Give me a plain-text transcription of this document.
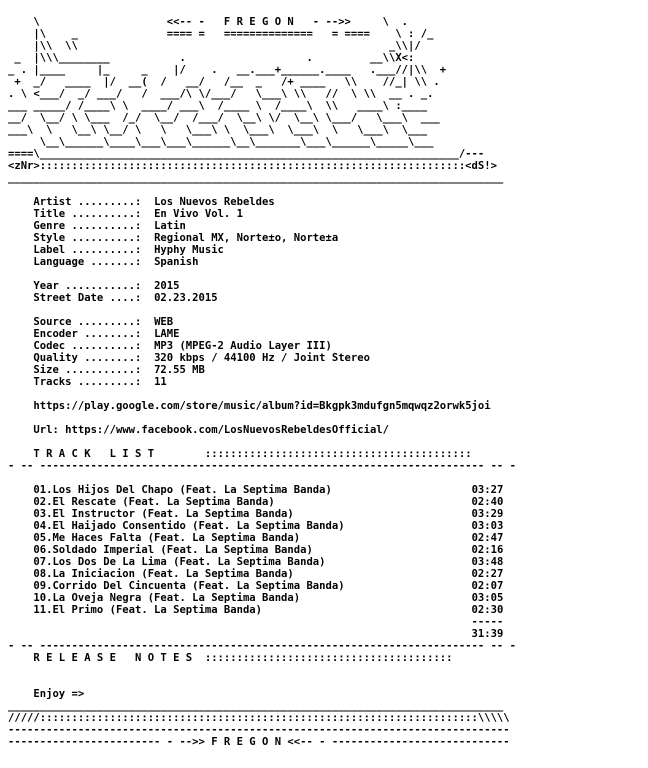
\                    <<-- -   F R E G O N   - -->>     \  .
|\    _              ==== =   ==============   = ====    \ : /_
|\\  \\                                                 _\\|/
_  |\\\________           .                   .         __\\X<:
_ . |____     |_     _    |/    .   __.___+______.____   .___//|\\  +
+  _/   ____  |/  __(  /   __/   /__  _   /+ ____   \\    //_| \\ .
. \ <___/  _/ ___/   /  ___/\ \/___/   \___\ \\   //  \ \\  __ . _.
___ _____/ /____\ \  ____/ ___\  /____ \  /____\  \\   ____\ :____
__/  \__/ \ \___  /_/  \__/  /___/  \__\ \/  \__\ \___/   \___\  ___
___\  \   \__\ \__/ \   \   \___\ \  \___\  \___\  \   \___\  \___
\__\______\____\___\___\______\__\_______\___\______\_____\___
====\__________________________________________________________________/---
<zNr>:::::::::::::::::::::::::::::::::::::::::::::::::::::::::::::::::::<dS!>
______________________________________________________________________________

Artist .........: Los Nuevos Rebeldes
Title ..........: En Vivo Vol. 1
Genre ..........: Latin
Style ..........: Regional MX, Norte±o, Norte±a
Label ..........: Hyphy Music
Language .......: Spanish

Year ...........: 2015
Street Date ....: 02.23.2015

Source .........: WEB
Encoder ........: LAME
Codec ..........: MP3 (MPEG-2 Audio Layer III)
Quality ........: 320 kbps / 44100 Hz / Joint Stereo
Size ...........: 72.55 MB
Tracks .........: 11

https://play.google.com/store/music/album?id=Bkgpk3mdufgn5mqwqz2orwk5joi

Url: https://www.facebook.com/LosNuevosRebeldesOfficial/

T R A C K   L I S T	::::::::::::::::::::::::::::::::::::::::::
- -- ---------------------------------------------------------------------- -- -

01.Los Hijos Del Chapo (Feat. La Septima Banda)	03:27
02.El Rescate (Feat. La Septima Banda)	02:40
03.El Instructor (Feat. La Septima Banda)	03:29
04.El Haijado Consentido (Feat. La Septima Banda)	03:03
05.Me Haces Falta (Feat. La Septima Banda)	02:47
06.Soldado Imperial (Feat. La Septima Banda)	02:16
07.Los Dos De La Lima (Feat. La Septima Banda)	03:48
08.La Iniciacion (Feat. La Septima Banda)	02:27
09.Corrido Del Cincuenta (Feat. La Septima Banda)	02:07
10.La Oveja Negra (Feat. La Septima Banda)	03:05
11.El Primo (Feat. La Septima Banda)	02:30
-----
31:39
- -- ---------------------------------------------------------------------- -- -
R E L E A S E   N O T E S :::::::::::::::::::::::::::::::::::::::

Enjoy =>
______________________________________________________________________________
/////:::::::::::::::::::::::::::::::::::::::::::::::::::::::::::::::::::::\\\\\
-------------------------------------------------------------------------------
------------------------ - -->> F R E G O N <<-- - ----------------------------
